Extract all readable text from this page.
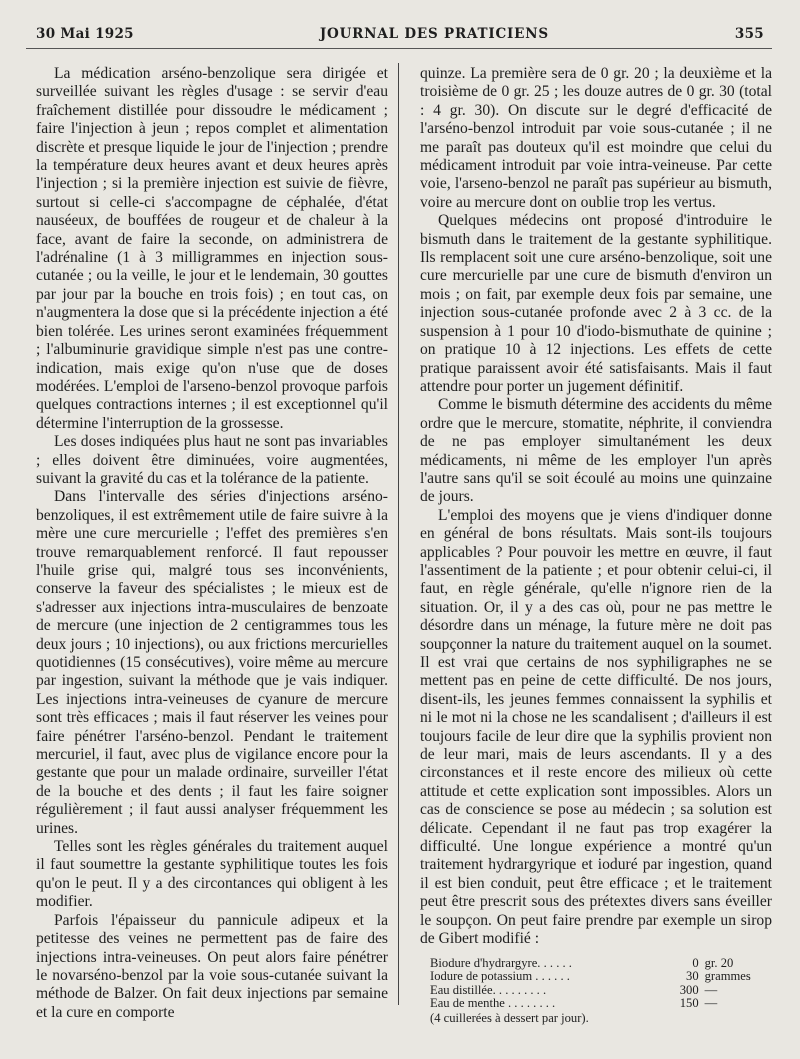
30 Mai 1925	JOURNAL DES PRATICIENS	355

La médication arséno-benzolique sera dirigée et surveillée suivant les règles d'usage : se servir d'eau fraîchement distillée pour dissoudre le médicament ; faire l'injection à jeun ; repos complet et alimentation discrète et presque liquide le jour de l'injection ; prendre la température deux heures avant et deux heures après l'injection ; si la première injection est suivie de fièvre, surtout si celle-ci s'accompagne de céphalée, d'état nauséeux, de bouffées de rougeur et de chaleur à la face, avant de faire la seconde, on administrera de l'adrénaline (1 à 3 milligrammes en injection sous-cutanée ; ou la veille, le jour et le lendemain, 30 gouttes par jour par la bouche en trois fois) ; en tout cas, on n'augmentera la dose que si la précédente injection a été bien tolérée. Les urines seront examinées fréquemment ; l'albuminurie gravidique simple n'est pas une contre-indication, mais exige qu'on n'use que de doses modérées. L'emploi de l'arseno-benzol provoque parfois quelques contractions internes ; il est exceptionnel qu'il détermine l'interruption de la grossesse.

Les doses indiquées plus haut ne sont pas invariables ; elles doivent être diminuées, voire augmentées, suivant la gravité du cas et la tolérance de la patiente.

Dans l'intervalle des séries d'injections arséno-benzoliques, il est extrêmement utile de faire suivre à la mère une cure mercurielle ; l'effet des premières s'en trouve remarquablement renforcé. Il faut repousser l'huile grise qui, malgré tous ses inconvénients, conserve la faveur des spécialistes ; le mieux est de s'adresser aux injections intra-musculaires de benzoate de mercure (une injection de 2 centigrammes tous les deux jours ; 10 injections), ou aux frictions mercurielles quotidiennes (15 consécutives), voire même au mercure par ingestion, suivant la méthode que je vais indiquer. Les injections intra-veineuses de cyanure de mercure sont très efficaces ; mais il faut réserver les veines pour faire pénétrer l'arséno-benzol. Pendant le traitement mercuriel, il faut, avec plus de vigilance encore pour la gestante que pour un malade ordinaire, surveiller l'état de la bouche et des dents ; il faut les faire soigner régulièrement ; il faut aussi analyser fréquemment les urines.

Telles sont les règles générales du traitement auquel il faut soumettre la gestante syphilitique toutes les fois qu'on le peut. Il y a des circontances qui obligent à les modifier.

Parfois l'épaisseur du pannicule adipeux et la petitesse des veines ne permettent pas de faire des injections intra-veineuses. On peut alors faire pénétrer le novarséno-benzol par la voie sous-cutanée suivant la méthode de Balzer. On fait deux injections par semaine et la cure en comporte

quinze. La première sera de 0 gr. 20 ; la deuxième et la troisième de 0 gr. 25 ; les douze autres de 0 gr. 30 (total : 4 gr. 30). On discute sur le degré d'efficacité de l'arséno-benzol introduit par voie sous-cutanée ; il ne me paraît pas douteux qu'il est moindre que celui du médicament introduit par voie intra-veineuse. Par cette voie, l'arseno-benzol ne paraît pas supérieur au bismuth, voire au mercure dont on oublie trop les vertus.

Quelques médecins ont proposé d'introduire le bismuth dans le traitement de la gestante syphilitique. Ils remplacent soit une cure arséno-benzolique, soit une cure mercurielle par une cure de bismuth d'environ un mois ; on fait, par exemple deux fois par semaine, une injection sous-cutanée profonde avec 2 à 3 cc. de la suspension à 1 pour 10 d'iodo-bismuthate de quinine ; on pratique 10 à 12 injections. Les effets de cette pratique paraissent avoir été satisfaisants. Mais il faut attendre pour porter un jugement définitif.

Comme le bismuth détermine des accidents du même ordre que le mercure, stomatite, néphrite, il conviendra de ne pas employer simultanément les deux médicaments, ni même de les employer l'un après l'autre sans qu'il se soit écoulé au moins une quinzaine de jours.

L'emploi des moyens que je viens d'indiquer donne en général de bons résultats. Mais sont-ils toujours applicables ? Pour pouvoir les mettre en œuvre, il faut l'assentiment de la patiente ; et pour obtenir celui-ci, il faut, en règle générale, qu'elle n'ignore rien de la situation. Or, il y a des cas où, pour ne pas mettre le désordre dans un ménage, la future mère ne doit pas soupçonner la nature du traitement auquel on la soumet. Il est vrai que certains de nos syphiligraphes ne se mettent pas en peine de cette difficulté. De nos jours, disent-ils, les jeunes femmes connaissent la syphilis et ni le mot ni la chose ne les scandalisent ; d'ailleurs il est toujours facile de leur dire que la syphilis provient non de leur mari, mais de leurs ascendants. Il y a des circonstances et il reste encore des milieux où cette attitude et cette explication sont impossibles. Alors un cas de conscience se pose au médecin ; sa solution est délicate. Cependant il ne faut pas trop exagérer la difficulté. Une longue expérience a montré qu'un traitement hydrargyrique et ioduré par ingestion, quand il est bien conduit, peut être efficace ; et le traitement peut être prescrit sous des prétextes divers sans éveiller le soupçon. On peut faire prendre par exemple un sirop de Gibert modifié :

Biodure d'hydrargyre. . . . . .	0	gr. 20
Iodure de potassium . . . . . .	30	grammes
Eau distillée. . . . . . . . .	300	—
Eau de menthe . . . . . . . .	150	—
(4 cuillerées à dessert par jour).
